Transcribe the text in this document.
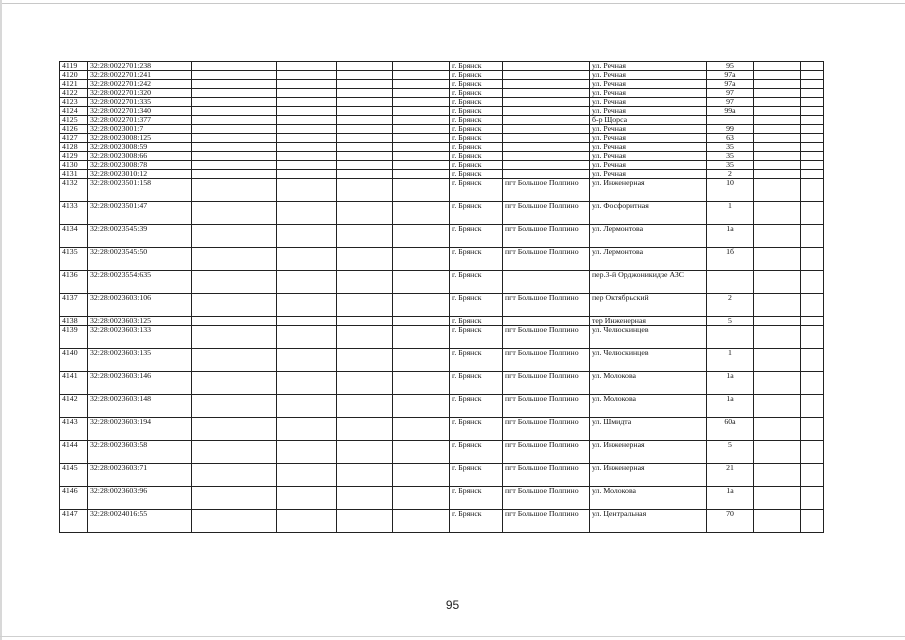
4119	32:28:0022701:238					г. Брянск		ул. Речная	95		
4120	32:28:0022701:241					г. Брянск		ул. Речная	97а		
4121	32:28:0022701:242					г. Брянск		ул. Речная	97а		
4122	32:28:0022701:320					г. Брянск		ул. Речная	97		
4123	32:28:0022701:335					г. Брянск		ул. Речная	97		
4124	32:28:0022701:340					г. Брянск		ул. Речная	99а		
4125	32:28:0022701:377					г. Брянск		б-р Щорса			
4126	32:28:0023001:7					г. Брянск		ул. Речная	99		
4127	32:28:0023008:125					г. Брянск		ул. Речная	63		
4128	32:28:0023008:59					г. Брянск		ул. Речная	35		
4129	32:28:0023008:66					г. Брянск		ул. Речная	35		
4130	32:28:0023008:78					г. Брянск		ул. Речная	35		
4131	32:28:0023010:12					г. Брянск		ул. Речная	2		
4132	32:28:0023501:158					г. Брянск	пгт Большое Полпино	ул. Инженерная	10		
4133	32:28:0023501:47					г. Брянск	пгт Большое Полпино	ул. Фосфоритная	1		
4134	32:28:0023545:39					г. Брянск	пгт Большое Полпино	ул. Лермонтова	1а		
4135	32:28:0023545:50					г. Брянск	пгт Большое Полпино	ул. Лермонтова	1б		
4136	32:28:0023554:635					г. Брянск		пер.3-й Орджоникидзе АЗС			
4137	32:28:0023603:106					г. Брянск	пгт Большое Полпино	пер Октябрьский	2		
4138	32:28:0023603:125					г. Брянск		тер Инженерная	5		
4139	32:28:0023603:133					г. Брянск	пгт Большое Полпино	ул. Челюскинцев			
4140	32:28:0023603:135					г. Брянск	пгт Большое Полпино	ул. Челюскинцев	1		
4141	32:28:0023603:146					г. Брянск	пгт Большое Полпино	ул. Молокова	1а		
4142	32:28:0023603:148					г. Брянск	пгт Большое Полпино	ул. Молокова	1а		
4143	32:28:0023603:194					г. Брянск	пгт Большое Полпино	ул. Шмидта	60а		
4144	32:28:0023603:58					г. Брянск	пгт Большое Полпино	ул. Инженерная	5		
4145	32:28:0023603:71					г. Брянск	пгт Большое Полпино	ул. Инженерная	21		
4146	32:28:0023603:96					г. Брянск	пгт Большое Полпино	ул. Молокова	1а		
4147	32:28:0024016:55					г. Брянск	пгт Большое Полпино	ул. Центральная	70		
95
